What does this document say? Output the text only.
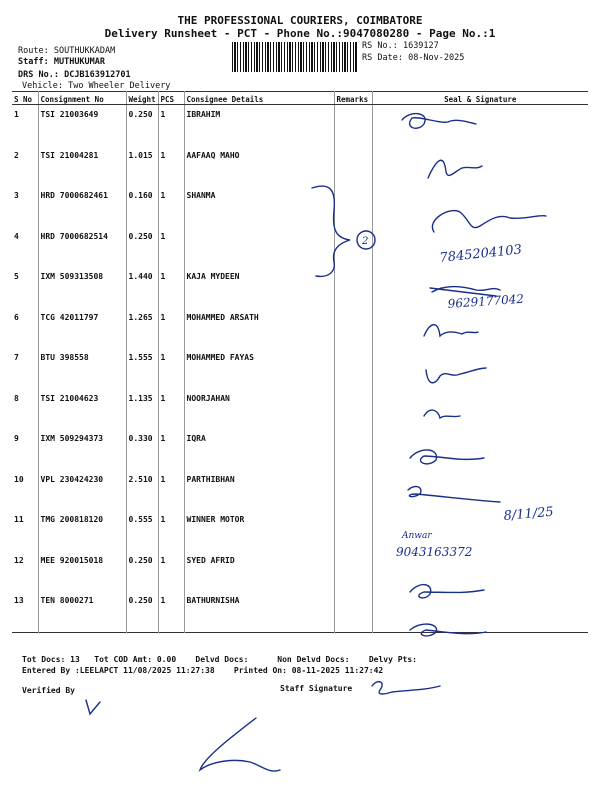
THE PROFESSIONAL COURIERS, COIMBATORE
Delivery Runsheet - PCT - Phone No.:9047080280 - Page No.:1
Route: SOUTHUKKADAM
Staff: MUTHUKUMAR
DRS No.: DCJB163912701
Vehicle: Two Wheeler Delivery
RS No.: 1639127
RS Date: 08-Nov-2025
S No	Consignment No	Weight	PCS	Consignee Details	Remarks	Seal & Signature
1	TSI 21003649	0.250	1	IBRAHIM		
2	TSI 21004281	1.015	1	AAFAAQ MAHO		
3	HRD 7000682461	0.160	1	SHANMA		
4	HRD 7000682514	0.250	1			
5	IXM 509313508	1.440	1	KAJA MYDEEN		
6	TCG 42011797	1.265	1	MOHAMMED ARSATH		
7	BTU 398558	1.555	1	MOHAMMED FAYAS		
8	TSI 21004623	1.135	1	NOORJAHAN		
9	IXM 509294373	0.330	1	IQRA		
10	VPL 230424230	2.510	1	PARTHIBHAN		
11	TMG 200818120	0.555	1	WINNER MOTOR		
12	MEE 920015018	0.250	1	SYED AFRID		
13	TEN 8000271	0.250	1	BATHURNISHA		
2
7845204103
9629177042
8/11/25
Anwar
9043163372
Tot Docs: 13 Tot COD Amt: 0.00 Delvd Docs:	Non Delvd Docs: Delvy Pts:
Entered By :LEELAPCT 11/08/2025 11:27:38 Printed On: 08-11-2025 11:27:42
Verified By	Staff Signature
